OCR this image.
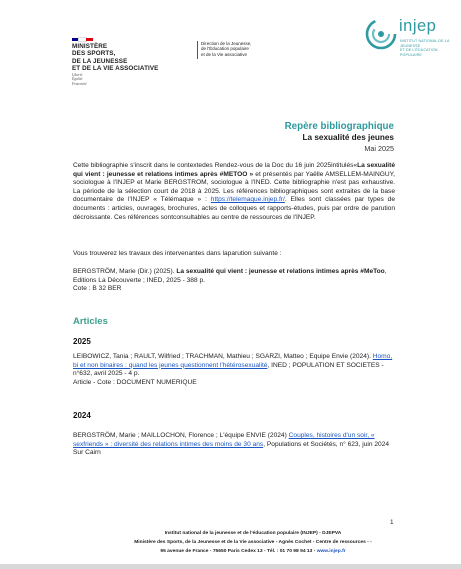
MINISTÈRE
DES SPORTS,
DE LA JEUNESSE
ET DE LA VIE ASSOCIATIVE
Liberté
Égalité
Fraternité
Direction de la Jeunesse,
de l'Éducation populaire
et de la Vie associative
injep
INSTITUT NATIONAL DE LA JEUNESSE
ET DE L'ÉDUCATION POPULAIRE
Repère bibliographique
La sexualité des jeunes
Mai 2025
Cette bibliographie s'inscrit dans le contextedes Rendez-vous de la Doc du 16 juin 2025intitulés«La sexualité qui vient : jeunesse et relations intimes après #METOO » et présentés par Yaëlle AMSELLEM-MAINGUY, sociologue à l'INJEP et Marie BERGSTROM, sociologue à l'INED. Cette bibliographie n'est pas exhaustive. La période de la sélection court de 2018 à 2025. Les références bibliographiques sont extraites de la base documentaire de l'INJEP « Télémaque » : https://telemaque.injep.fr/. Elles sont classées par types de documents : articles, ouvrages, brochures, actes de colloques et rapports-études, puis par ordre de parution décroissante. Ces références sontconsultables au centre de ressources de l'INJEP.
Vous trouverez les travaux des intervenantes dans laparution suivante :
BERGSTRÖM, Marie (Dir.) (2025). La sexualité qui vient : jeunesse et relations intimes après #MeToo, Editions La Découverte ; INED, 2025 - 388 p.
Cote : B 32 BER
Articles
2025
LEIBOWICZ, Tania ; RAULT, Wilfried ; TRACHMAN, Mathieu ; SGARZI, Matteo ; Equipe Envie (2024). Homo, bi et non binaires : quand les jeunes questionnent l'hétérosexualité, INED ; POPULATION ET SOCIETES - n°632, avril 2025 - 4 p.
Article - Cote : DOCUMENT NUMERIQUE
2024
BERGSTRÖM, Marie ; MAILLOCHON, Florence ; L'équipe ENVIE (2024) Couples, histoires d'un soir, « sexfriends » : diversité des relations intimes des moins de 30 ans, Populations et Sociétés, n° 623, juin 2024
Sur Cairn
1
Institut national de la jeunesse et de l'éducation populaire (INJEP) - DJEPVA
Ministère des Sports, de la Jeunesse et de la Vie associative - Agnès Cochet - Centre de ressources - -
95 avenue de France - 75650 Paris Cedex 13 - Tél. : 01 70 98 94 13 - www.injep.fr
